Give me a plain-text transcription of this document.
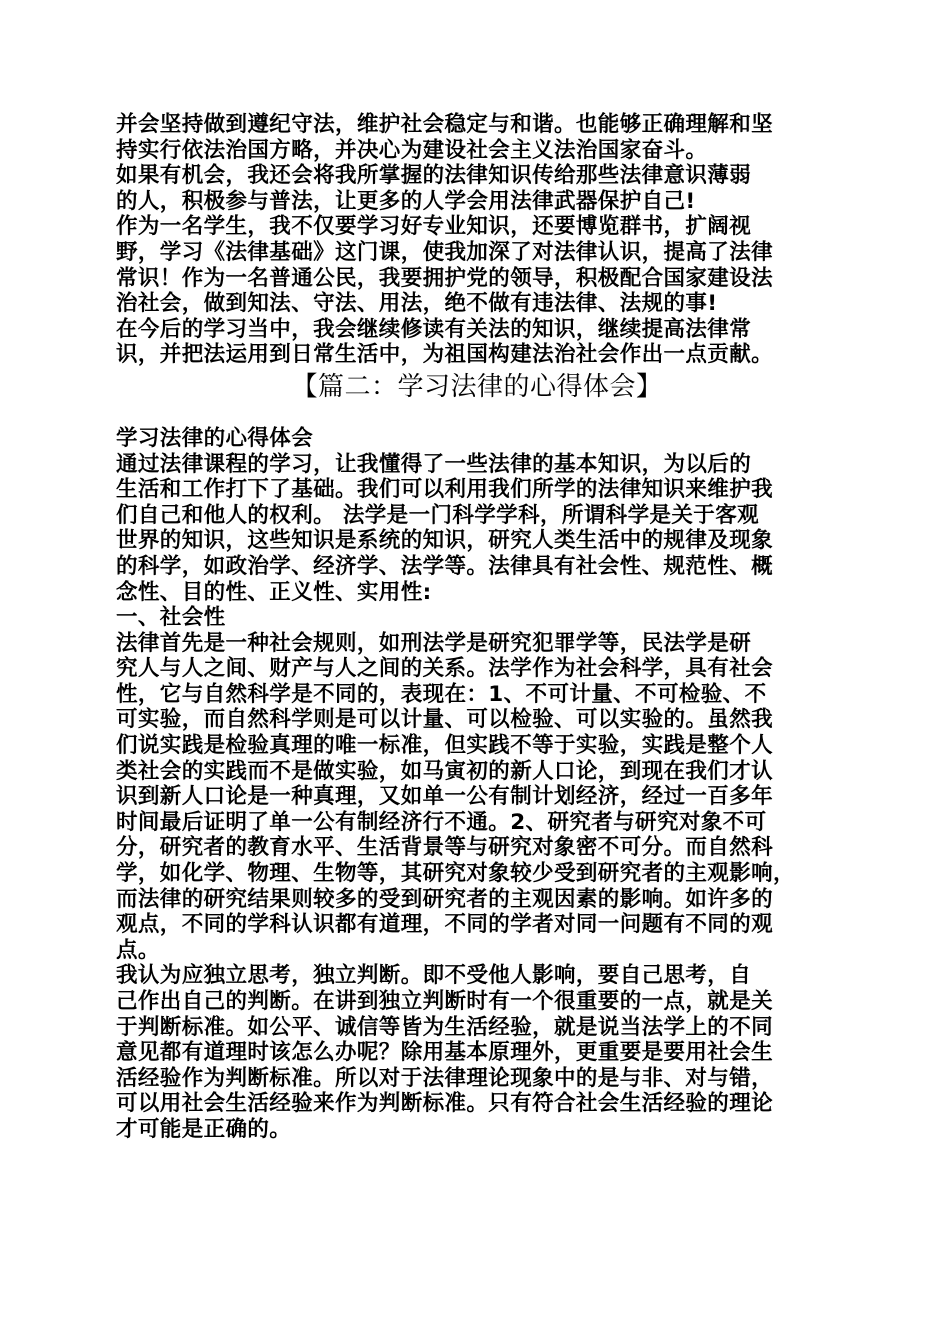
并会坚持做到遵纪守法，维护社会稳定与和谐。也能够正确理解和坚
持实行依法治国方略，并决心为建设社会主义法治国家奋斗。
如果有机会，我还会将我所掌握的法律知识传给那些法律意识薄弱
的人，积极参与普法，让更多的人学会用法律武器保护自己!
作为一名学生，我不仅要学习好专业知识，还要博览群书，扩阔视
野，学习《法律基础》这门课，使我加深了对法律认识，提高了法律
常识！作为一名普通公民，我要拥护党的领导，积极配合国家建设法
治社会，做到知法、守法、用法，绝不做有违法律、法规的事!
在今后的学习当中，我会继续修读有关法的知识，继续提高法律常
识，并把法运用到日常生活中，为祖国构建法治社会作出一点贡献。
【篇二：学习法律的心得体会】
学习法律的心得体会
通过法律课程的学习，让我懂得了一些法律的基本知识，为以后的
生活和工作打下了基础。我们可以利用我们所学的法律知识来维护我
们自己和他人的权利。 法学是一门科学学科，所谓科学是关于客观
世界的知识，这些知识是系统的知识，研究人类生活中的规律及现象
的科学，如政治学、经济学、法学等。法律具有社会性、规范性、概
念性、目的性、正义性、实用性:
一、社会性
法律首先是一种社会规则，如刑法学是研究犯罪学等，民法学是研
究人与人之间、财产与人之间的关系。法学作为社会科学，具有社会
性，它与自然科学是不同的，表现在：1、不可计量、不可检验、不
可实验，而自然科学则是可以计量、可以检验、可以实验的。虽然我
们说实践是检验真理的唯一标准，但实践不等于实验，实践是整个人
类社会的实践而不是做实验，如马寅初的新人口论，到现在我们才认
识到新人口论是一种真理，又如单一公有制计划经济，经过一百多年
时间最后证明了单一公有制经济行不通。2、研究者与研究对象不可
分，研究者的教育水平、生活背景等与研究对象密不可分。而自然科
学，如化学、物理、生物等，其研究对象较少受到研究者的主观影响，
而法律的研究结果则较多的受到研究者的主观因素的影响。如许多的
观点，不同的学科认识都有道理，不同的学者对同一问题有不同的观
点。
我认为应独立思考，独立判断。即不受他人影响，要自己思考，自
己作出自己的判断。在讲到独立判断时有一个很重要的一点，就是关
于判断标准。如公平、诚信等皆为生活经验，就是说当法学上的不同
意见都有道理时该怎么办呢？除用基本原理外，更重要是要用社会生
活经验作为判断标准。所以对于法律理论现象中的是与非、对与错，
可以用社会生活经验来作为判断标准。只有符合社会生活经验的理论
才可能是正确的。
